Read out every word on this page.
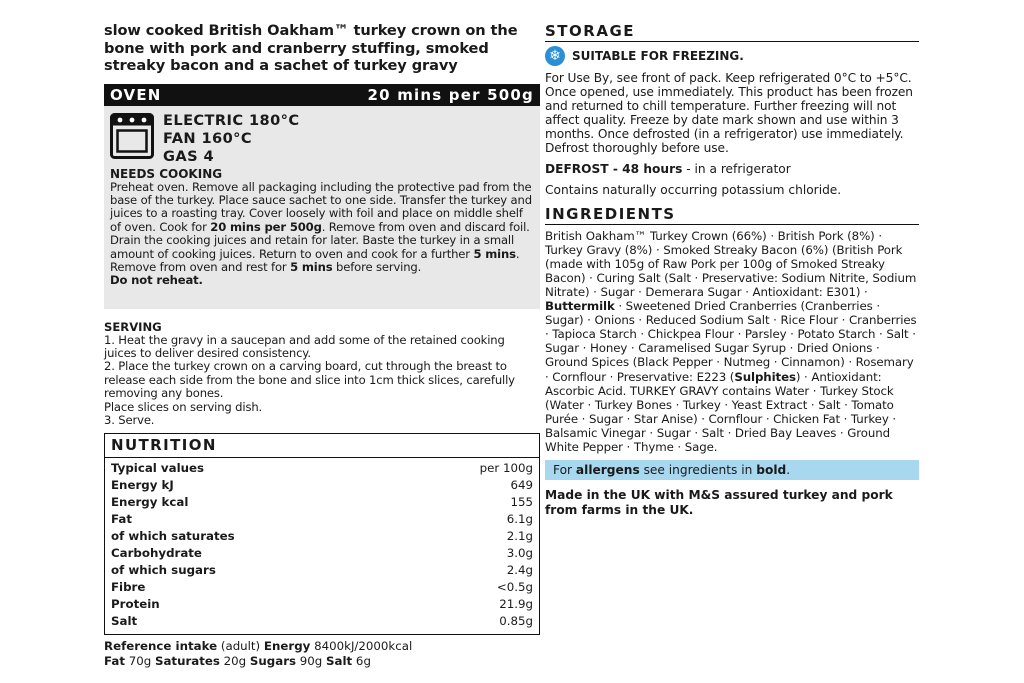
slow cooked British Oakham™ turkey crown on the bone with pork and cranberry stuffing, smoked streaky bacon and a sachet of turkey gravy
OVEN	20 mins per 500g
ELECTRIC 180°C
FAN 160°C
GAS 4
NEEDS COOKING
Preheat oven. Remove all packaging including the protective pad from the base of the turkey. Place sauce sachet to one side. Transfer the turkey and juices to a roasting tray. Cover loosely with foil and place on middle shelf of oven. Cook for 20 mins per 500g. Remove from oven and discard foil. Drain the cooking juices and retain for later. Baste the turkey in a small amount of cooking juices. Return to oven and cook for a further 5 mins. Remove from oven and rest for 5 mins before serving.
Do not reheat.
SERVING
1. Heat the gravy in a saucepan and add some of the retained cooking juices to deliver desired consistency.
2. Place the turkey crown on a carving board, cut through the breast to release each side from the bone and slice into 1cm thick slices, carefully removing any bones.
Place slices on serving dish.
3. Serve.
NUTRITION
Typical values	per 100g
Energy kJ	649
Energy kcal	155
Fat	6.1g
of which saturates	2.1g
Carbohydrate	3.0g
of which sugars	2.4g
Fibre	<0.5g
Protein	21.9g
Salt	0.85g
Reference intake (adult) Energy 8400kJ/2000kcal
Fat 70g Saturates 20g Sugars 90g Salt 6g
STORAGE
❄ SUITABLE FOR FREEZING.
For Use By, see front of pack. Keep refrigerated 0°C to +5°C. Once opened, use immediately. This product has been frozen and returned to chill temperature. Further freezing will not affect quality. Freeze by date mark shown and use within 3 months. Once defrosted (in a refrigerator) use immediately. Defrost thoroughly before use.
DEFROST - 48 hours - in a refrigerator
Contains naturally occurring potassium chloride.
INGREDIENTS
British Oakham™ Turkey Crown (66%) · British Pork (8%) · Turkey Gravy (8%) · Smoked Streaky Bacon (6%) (British Pork (made with 105g of Raw Pork per 100g of Smoked Streaky Bacon) · Curing Salt (Salt · Preservative: Sodium Nitrite, Sodium Nitrate) · Sugar · Demerara Sugar · Antioxidant: E301) · Buttermilk · Sweetened Dried Cranberries (Cranberries · Sugar) · Onions · Reduced Sodium Salt · Rice Flour · Cranberries · Tapioca Starch · Chickpea Flour · Parsley · Potato Starch · Salt · Sugar · Honey · Caramelised Sugar Syrup · Dried Onions · Ground Spices (Black Pepper · Nutmeg · Cinnamon) · Rosemary · Cornflour · Preservative: E223 (Sulphites) · Antioxidant: Ascorbic Acid. TURKEY GRAVY contains Water · Turkey Stock (Water · Turkey Bones · Turkey · Yeast Extract · Salt · Tomato Purée · Sugar · Star Anise) · Cornflour · Chicken Fat · Turkey · Balsamic Vinegar · Sugar · Salt · Dried Bay Leaves · Ground White Pepper · Thyme · Sage.
For allergens see ingredients in bold.
Made in the UK with M&S assured turkey and pork from farms in the UK.
